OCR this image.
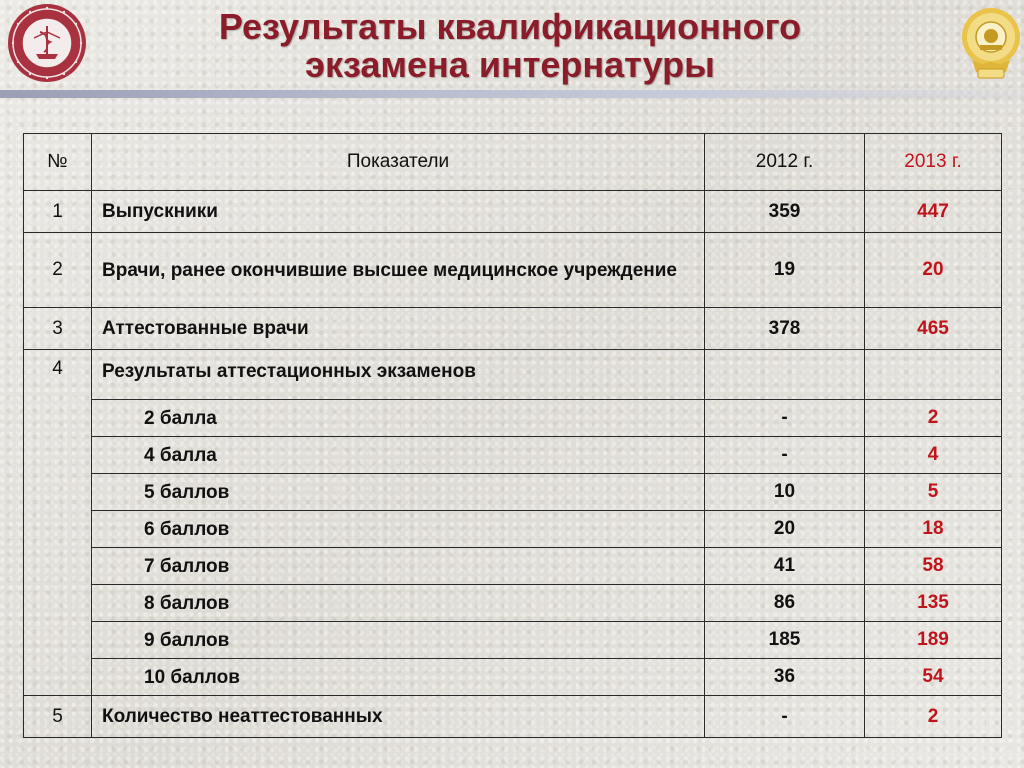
Результаты квалификационного
экзамена интернатуры
№	Показатели	2012 г.	2013 г.
1	Выпускники	359	447
2	Врачи, ранее окончившие высшее медицинское учреждение	19	20
3	Аттестованные врачи	378	465
4	Результаты аттестационных экзаменов		
	2 балла	-	2
	4 балла	-	4
	5 баллов	10	5
	6 баллов	20	18
	7 баллов	41	58
	8 баллов	86	135
	9 баллов	185	189
	10 баллов	36	54
5	Количество неаттестованных	-	2
